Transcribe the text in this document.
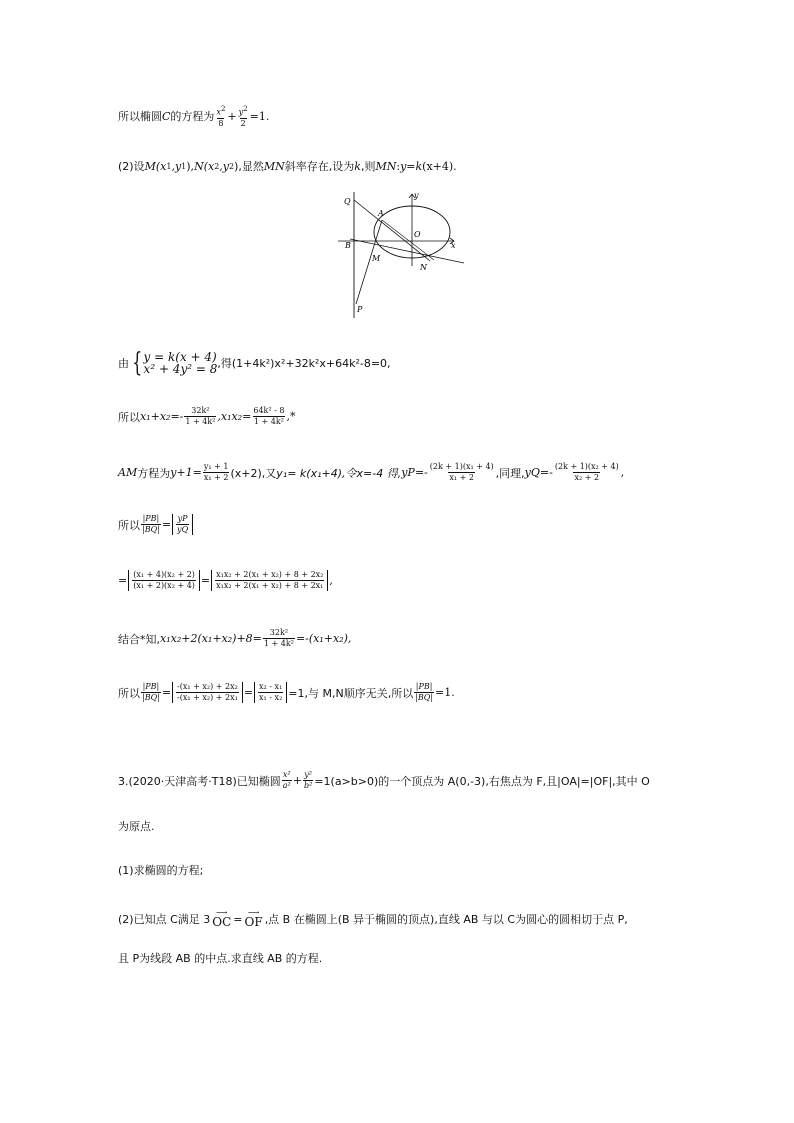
所以椭圆 C 的方程为 $\frac{x2}{8} + \frac{y2}{2} =1$.
(2)设 M(x 1 ,y 1 ), N(x 2 ,y 2 ),显然 MN 斜率存在,设为 k ,则 MN : y = k (x+4).
Q
A
y
O
x
B
M
N
P
由 { y = k(x + 4)
x² + 4y² = 8 ,得(1+4k²)x²+32k²x+64k²-8=0,
所以 $x_1+x_2=- \frac{\text{32k²}}{\text{1 + 4k²}} ,x_1x_2= \frac{\text{64k² - 8}}{\text{1 + 4k²}}$ ,*
AM 方程为 $y+1= \frac{\text{y₁ + 1}}{\text{x₁ + 2}} (x+2)$,又 y₁= k(x₁+4),令 x=-4 得, $yP=- \frac{\text{(2k + 1)(x₁ + 4)}}{\text{x₁ + 2}}$ ,同理, $yQ=- \frac{\text{(2k + 1)(x₂ + 4)}}{\text{x₂ + 2}}$ ,
所以 $\frac{|PB|}{|BQ|} = \frac{yP}{yQ}$
= $\frac{\text{(x₁ + 4)(x₂ + 2)}}{\text{(x₁ + 2)(x₂ + 4)}} = \frac{\text{x₁x₂ + 2(x₁ + x₂) + 8 + 2x₂}}{\text{x₁x₂ + 2(x₁ + x₂) + 8 + 2x₁}}$ ,
结合*知, $x_1x_2+2(x_1+x_2)+8= \frac{\text{32k²}}{\text{1 + 4k²}} =-(x_1+x_2)$,
所以 $\frac{|PB|}{|BQ|} = \frac{\text{-(x₁ + x₂) + 2x₂}}{\text{-(x₁ + x₂) + 2x₁}} = \frac{\text{x₂ - x₁}}{\text{x₁ - x₂}} =1$,与 M,N顺序无关,所以 $\frac{|PB|}{|BQ|} =1$.
3.(2020·天津高考·T18)已知椭圆 $\frac{\text{x²}}{\text{a²}} + \frac{\text{y²}}{\text{b²}} =1(a>b>0)$的一个顶点为 A(0,-3),右焦点为 F,且|OA|=|OF|,其中 O
为原点.
(1)求椭圆的方程;
(2)已知点 C满足 3
⟶
OC = ⟶
OF ,点 B 在椭圆上(B 异于椭圆的顶点),直线 AB 与以 C为圆心的圆相切于点 P,
且 P为线段 AB 的中点.求直线 AB 的方程.
